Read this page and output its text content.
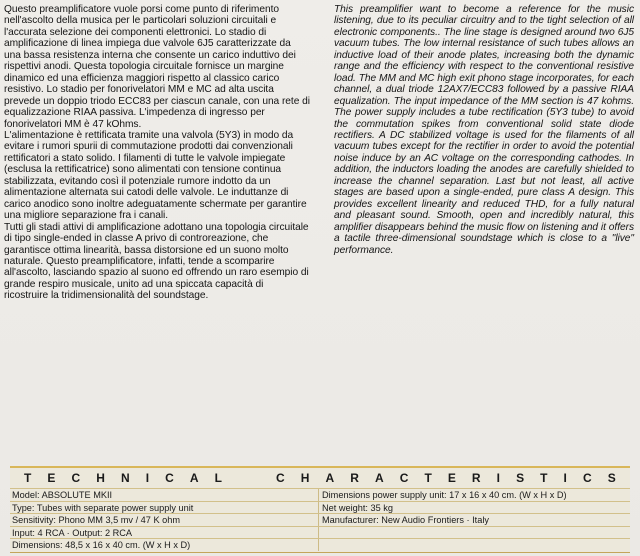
Questo preamplificatore vuole porsi come punto di riferimento nell'ascolto della musica per le particolari soluzioni circuitali e l'accurata selezione dei componenti elettronici. Lo stadio di amplificazione di linea impiega due valvole 6J5 caratterizzate da una bassa resistenza interna che consente un carico induttivo dei rispettivi anodi. Questa topologia circuitale fornisce un margine dinamico ed una efficienza maggiori rispetto al classico carico resistivo. Lo stadio per fonorivelatori MM e MC ad alta uscita prevede un doppio triodo ECC83 per ciascun canale, con una rete di equalizzazione RIAA passiva. L'impedenza di ingresso per fonorivelatori MM è 47 kOhms.

L'alimentazione è rettificata tramite una valvola (5Y3) in modo da evitare i rumori spurii di commutazione prodotti dai convenzionali rettificatori a stato solido. I filamenti di tutte le valvole impiegate (esclusa la rettificatrice) sono alimentati con tensione continua stabilizzata, evitando così il potenziale rumore indotto da un alimentazione alternata sui catodi delle valvole. Le induttanze di carico anodico sono inoltre adeguatamente schermate per garantire una migliore separazione fra i canali.

Tutti gli stadi attivi di amplificazione adottano una topologia circuitale di tipo single-ended in classe A privo di controreazione, che garantisce ottima linearità, bassa distorsione ed un suono molto naturale. Questo preamplificatore, infatti, tende a scomparire all'ascolto, lasciando spazio al suono ed offrendo un raro esempio di grande respiro musicale, unito ad una spiccata capacità di ricostruire la tridimensionalità del soundstage.

This preamplifier want to become a reference for the music listening, due to its peculiar circuitry and to the tight selection of all electronic components.. The line stage is designed around two 6J5 vacuum tubes. The low internal resistance of such tubes allows an inductive load of their anode plates, increasing both the dynamic range and the efficiency with respect to the conventional resistive load. The MM and MC high exit phono stage incorporates, for each channel, a dual triode 12AX7/ECC83 followed by a passive RIAA equalization. The input impedance of the MM section is 47 kohms. The power supply includes a tube rectification (5Y3 tube) to avoid the commutation spikes from conventional solid state diode rectifiers. A DC stabilized voltage is used for the filaments of all vacuum tubes except for the rectifier in order to avoid the potential noise induce by an AC voltage on the corresponding cathodes. In addition, the inductors loading the anodes are carefully shielded to increase the channel separation. Last but not least, all active stages are based upon a single-ended, pure class A design. This provides excellent linearity and reduced THD, for a fully natural and pleasant sound. Smooth, open and incredibly natural, this amplifier disappears behind the music flow on listening and it offers a tactile three-dimensional soundstage which is close to a "live" performance.

T E C H N I C A L	C H A R A C T E R I S T I C S
Model: ABSOLUTE MKII	Dimensions power supply unit: 17 x 16 x 40 cm. (W x H x D)
Type: Tubes with separate power supply unit	Net weight: 35 kg
Sensitivity: Phono MM 3,5 mv / 47 K ohm	Manufacturer: New Audio Frontiers · Italy
Input: 4 RCA · Output: 2 RCA
Dimensions: 48,5 x 16 x 40 cm. (W x H x D)
